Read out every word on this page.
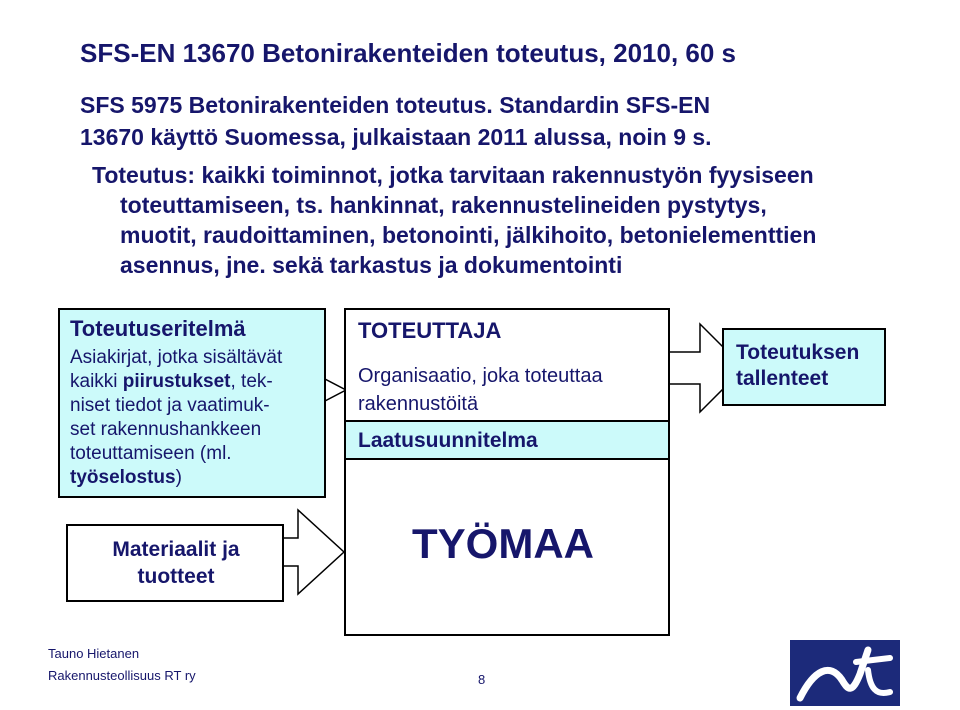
SFS-EN 13670 Betonirakenteiden toteutus, 2010, 60 s
SFS 5975 Betonirakenteiden toteutus. Standardin SFS-EN
13670 käyttö Suomessa, julkaistaan 2011 alussa, noin 9 s.
Toteutus: kaikki toiminnot, jotka tarvitaan rakennustyön fyysiseen
toteuttamiseen, ts. hankinnat, rakennustelineiden pystytys,
muotit, raudoittaminen, betonointi, jälkihoito, betonielementtien
asennus, jne. sekä tarkastus ja dokumentointi
Toteutuseritelmä
Asiakirjat, jotka sisältävät
kaikki piirustukset, tek-
niset tiedot ja vaatimuk-
set rakennushankkeen
toteuttamiseen (ml.
työselostus)
TOTEUTTAJA
Organisaatio, joka toteuttaa
rakennustöitä
Laatusuunnitelma
TYÖMAA
Toteutuksen
tallenteet
Materiaalit ja
tuotteet
Tauno Hietanen
Rakennusteollisuus RT ry	8
